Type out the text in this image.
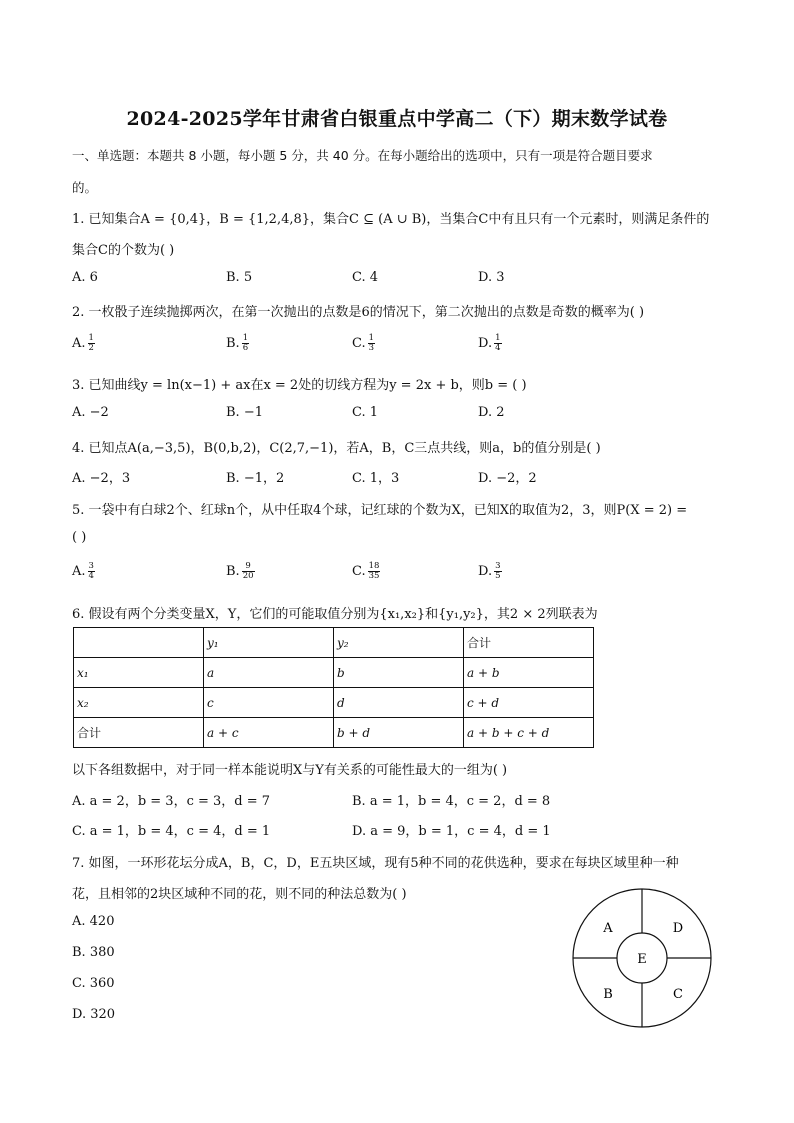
2024-2025学年甘肃省白银重点中学高二（下）期末数学试卷
一、单选题：本题共 8 小题，每小题 5 分，共 40 分。在每小题给出的选项中，只有一项是符合题目要求
的。
1. 已知集合A = {0,4}，B = {1,2,4,8}，集合C ⊆ (A ∪ B)，当集合C中有且只有一个元素时，则满足条件的
集合C的个数为( )
A. 6	B. 5	C. 4	D. 3
2. 一枚骰子连续抛掷两次，在第一次抛出的点数是6的情况下，第二次抛出的点数是奇数的概率为( )
A. $\frac{1}{2}$	B. $\frac{1}{6}$	C. $\frac{1}{3}$	D. $\frac{1}{4}$
3. 已知曲线y = ln(x−1) + ax在x = 2处的切线方程为y = 2x + b，则b = ( )
A. −2	B. −1	C. 1	D. 2
4. 已知点A(a,−3,5)，B(0,b,2)，C(2,7,−1)，若A，B，C三点共线，则a，b的值分别是( )
A. −2，3	B. −1，2	C. 1，3	D. −2，2
5. 一袋中有白球2个、红球n个，从中任取4个球，记红球的个数为X，已知X的取值为2，3，则P(X = 2) =
( )
A. $\frac{3}{4}$	B. $\frac{9}{20}$	C. $\frac{18}{35}$	D. $\frac{3}{5}$
6. 假设有两个分类变量X，Y，它们的可能取值分别为{x₁,x₂}和{y₁,y₂}，其2 × 2列联表为
	y₁	y₂	合计
x₁	a	b	a + b
x₂	c	d	c + d
合计	a + c	b + d	a + b + c + d
以下各组数据中，对于同一样本能说明X与Y有关系的可能性最大的一组为( )
A. a = 2，b = 3，c = 3，d = 7	B. a = 1，b = 4，c = 2，d = 8
C. a = 1，b = 4，c = 4，d = 1	D. a = 9，b = 1，c = 4，d = 1
7. 如图，一环形花坛分成A，B，C，D，E五块区域，现有5种不同的花供选种，要求在每块区域里种一种
花，且相邻的2块区域种不同的花，则不同的种法总数为( )
A. 420
B. 380
C. 360
D. 320
A	D
E
B	C
